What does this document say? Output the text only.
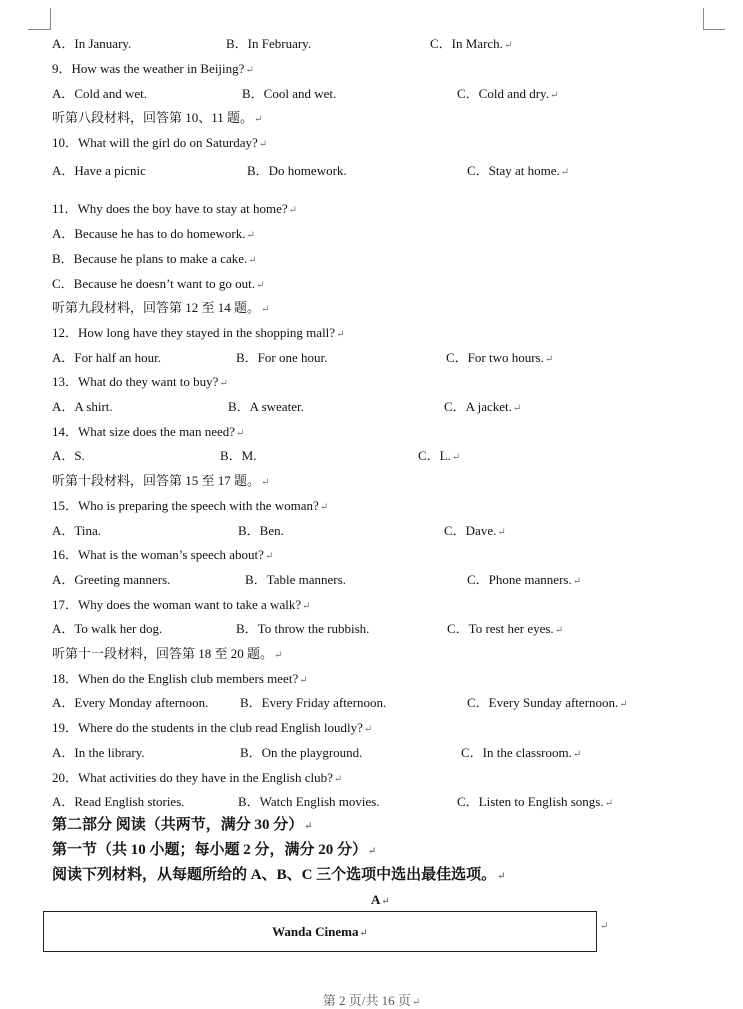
A．In January.	B．In February.	C．In March.↵
9．How was the weather in Beijing?↵
A．Cold and wet.	B．Cool and wet.	C．Cold and dry.↵
听第八段材料，回答第 10、11 题。↵
10．What will the girl do on Saturday?↵
A．Have a picnic	B．Do homework.	C．Stay at home.↵
11．Why does the boy have to stay at home?↵
A．Because he has to do homework.↵
B．Because he plans to make a cake.↵
C．Because he doesn’t want to go out.↵
听第九段材料，回答第 12 至 14 题。↵
12．How long have they stayed in the shopping mall?↵
A．For half an hour.	B．For one hour.	C．For two hours.↵
13．What do they want to buy?↵
A．A shirt.	B．A sweater.	C．A jacket.↵
14．What size does the man need?↵
A．S.	B．M.	C．L.↵
听第十段材料，回答第 15 至 17 题。↵
15．Who is preparing the speech with the woman?↵
A．Tina.	B．Ben.	C．Dave.↵
16．What is the woman’s speech about?↵
A．Greeting manners.	B．Table manners.	C．Phone manners.↵
17．Why does the woman want to take a walk?↵
A．To walk her dog.	B．To throw the rubbish.	C．To rest her eyes.↵
听第十一段材料，回答第 18 至 20 题。↵
18．When do the English club members meet?↵
A．Every Monday afternoon. B．Every Friday afternoon.	C．Every Sunday afternoon.↵
19．Where do the students in the club read English loudly?↵
A．In the library.	B．On the playground.	C．In the classroom.↵
20．What activities do they have in the English club?↵
A．Read English stories.	B．Watch English movies.	C．Listen to English songs.↵
第二部分 阅读（共两节，满分 30 分）↵
第一节（共 10 小题；每小题 2 分，满分 20 分）↵
阅读下列材料，从每题所给的 A、B、C 三个选项中选出最佳选项。↵
A↵
Wanda Cinema↵
↵
第 2 页/共 16 页↵
